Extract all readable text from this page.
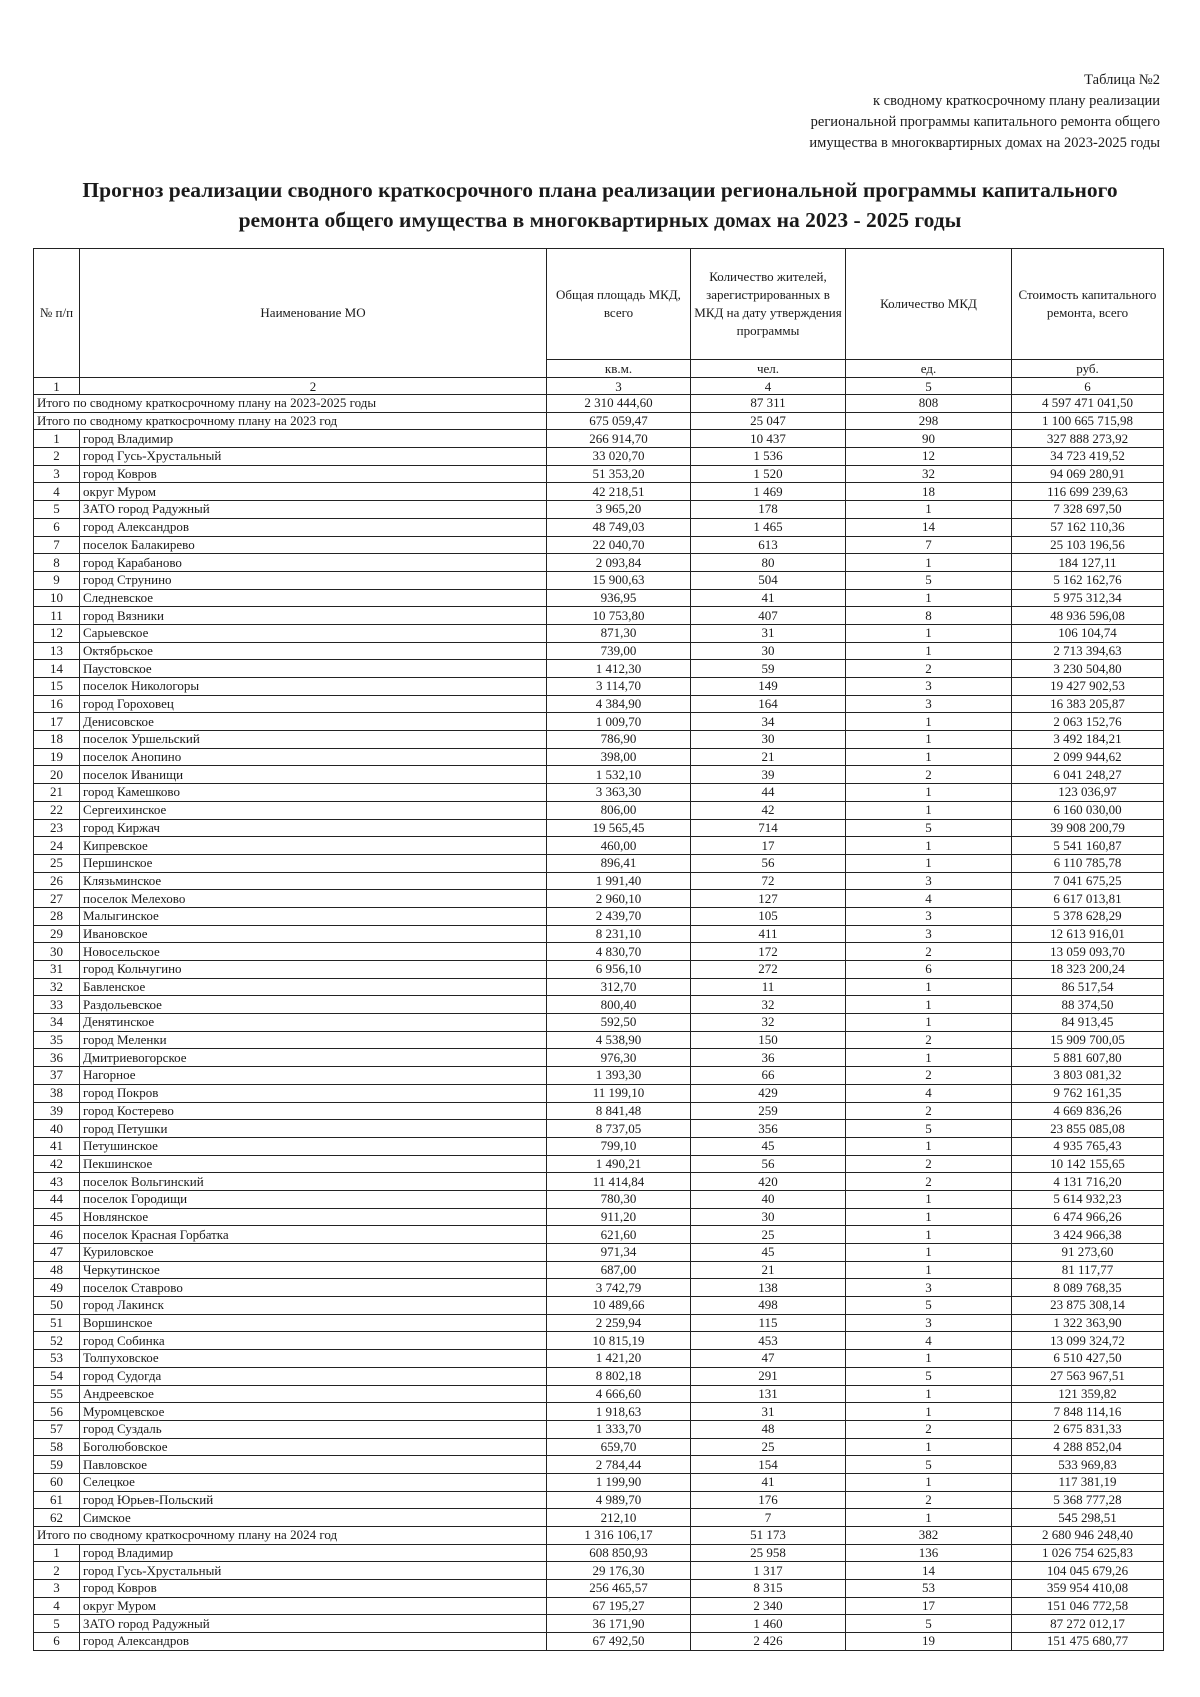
Таблица №2
к сводному краткосрочному плану реализации
региональной программы капитального ремонта общего
имущества в многоквартирных домах на 2023-2025 годы
Прогноз реализации сводного краткосрочного плана реализации региональной программы капитального
ремонта общего имущества в многоквартирных домах на 2023 - 2025 годы
№ п/п	Наименование МО	Общая площадь МКД, всего	Количество жителей, зарегистрированных в МКД на дату утверждения программы	Количество МКД	Стоимость капитального ремонта, всего
		кв.м.	чел.	ед.	руб.
1	2	3	4	5	6
Итого по сводному краткосрочному плану на 2023-2025 годы		2 310 444,60	87 311	808	4 597 471 041,50
Итого по сводному краткосрочному плану на 2023 год		675 059,47	25 047	298	1 100 665 715,98
1	город Владимир	266 914,70	10 437	90	327 888 273,92
2	город Гусь-Хрустальный	33 020,70	1 536	12	34 723 419,52
3	город Ковров	51 353,20	1 520	32	94 069 280,91
4	округ Муром	42 218,51	1 469	18	116 699 239,63
5	ЗАТО город Радужный	3 965,20	178	1	7 328 697,50
6	город Александров	48 749,03	1 465	14	57 162 110,36
7	поселок Балакирево	22 040,70	613	7	25 103 196,56
8	город Карабаново	2 093,84	80	1	184 127,11
9	город Струнино	15 900,63	504	5	5 162 162,76
10	Следневское	936,95	41	1	5 975 312,34
11	город Вязники	10 753,80	407	8	48 936 596,08
12	Сарыевское	871,30	31	1	106 104,74
13	Октябрьское	739,00	30	1	2 713 394,63
14	Паустовское	1 412,30	59	2	3 230 504,80
15	поселок Никологоры	3 114,70	149	3	19 427 902,53
16	город Гороховец	4 384,90	164	3	16 383 205,87
17	Денисовское	1 009,70	34	1	2 063 152,76
18	поселок Уршельский	786,90	30	1	3 492 184,21
19	поселок Анопино	398,00	21	1	2 099 944,62
20	поселок Иванищи	1 532,10	39	2	6 041 248,27
21	город Камешково	3 363,30	44	1	123 036,97
22	Сергеихинское	806,00	42	1	6 160 030,00
23	город Киржач	19 565,45	714	5	39 908 200,79
24	Кипревское	460,00	17	1	5 541 160,87
25	Першинское	896,41	56	1	6 110 785,78
26	Клязьминское	1 991,40	72	3	7 041 675,25
27	поселок Мелехово	2 960,10	127	4	6 617 013,81
28	Малыгинское	2 439,70	105	3	5 378 628,29
29	Ивановское	8 231,10	411	3	12 613 916,01
30	Новосельское	4 830,70	172	2	13 059 093,70
31	город Кольчугино	6 956,10	272	6	18 323 200,24
32	Бавленское	312,70	11	1	86 517,54
33	Раздольевское	800,40	32	1	88 374,50
34	Денятинское	592,50	32	1	84 913,45
35	город Меленки	4 538,90	150	2	15 909 700,05
36	Дмитриевогорское	976,30	36	1	5 881 607,80
37	Нагорное	1 393,30	66	2	3 803 081,32
38	город Покров	11 199,10	429	4	9 762 161,35
39	город Костерево	8 841,48	259	2	4 669 836,26
40	город Петушки	8 737,05	356	5	23 855 085,08
41	Петушинское	799,10	45	1	4 935 765,43
42	Пекшинское	1 490,21	56	2	10 142 155,65
43	поселок Вольгинский	11 414,84	420	2	4 131 716,20
44	поселок Городищи	780,30	40	1	5 614 932,23
45	Новлянское	911,20	30	1	6 474 966,26
46	поселок Красная Горбатка	621,60	25	1	3 424 966,38
47	Куриловское	971,34	45	1	91 273,60
48	Черкутинское	687,00	21	1	81 117,77
49	поселок Ставрово	3 742,79	138	3	8 089 768,35
50	город Лакинск	10 489,66	498	5	23 875 308,14
51	Воршинское	2 259,94	115	3	1 322 363,90
52	город Собинка	10 815,19	453	4	13 099 324,72
53	Толпуховское	1 421,20	47	1	6 510 427,50
54	город Судогда	8 802,18	291	5	27 563 967,51
55	Андреевское	4 666,60	131	1	121 359,82
56	Муромцевское	1 918,63	31	1	7 848 114,16
57	город Суздаль	1 333,70	48	2	2 675 831,33
58	Боголюбовское	659,70	25	1	4 288 852,04
59	Павловское	2 784,44	154	5	533 969,83
60	Селецкое	1 199,90	41	1	117 381,19
61	город Юрьев-Польский	4 989,70	176	2	5 368 777,28
62	Симское	212,10	7	1	545 298,51
Итого по сводному краткосрочному плану на 2024 год		1 316 106,17	51 173	382	2 680 946 248,40
1	город Владимир	608 850,93	25 958	136	1 026 754 625,83
2	город Гусь-Хрустальный	29 176,30	1 317	14	104 045 679,26
3	город Ковров	256 465,57	8 315	53	359 954 410,08
4	округ Муром	67 195,27	2 340	17	151 046 772,58
5	ЗАТО город Радужный	36 171,90	1 460	5	87 272 012,17
6	город Александров	67 492,50	2 426	19	151 475 680,77
